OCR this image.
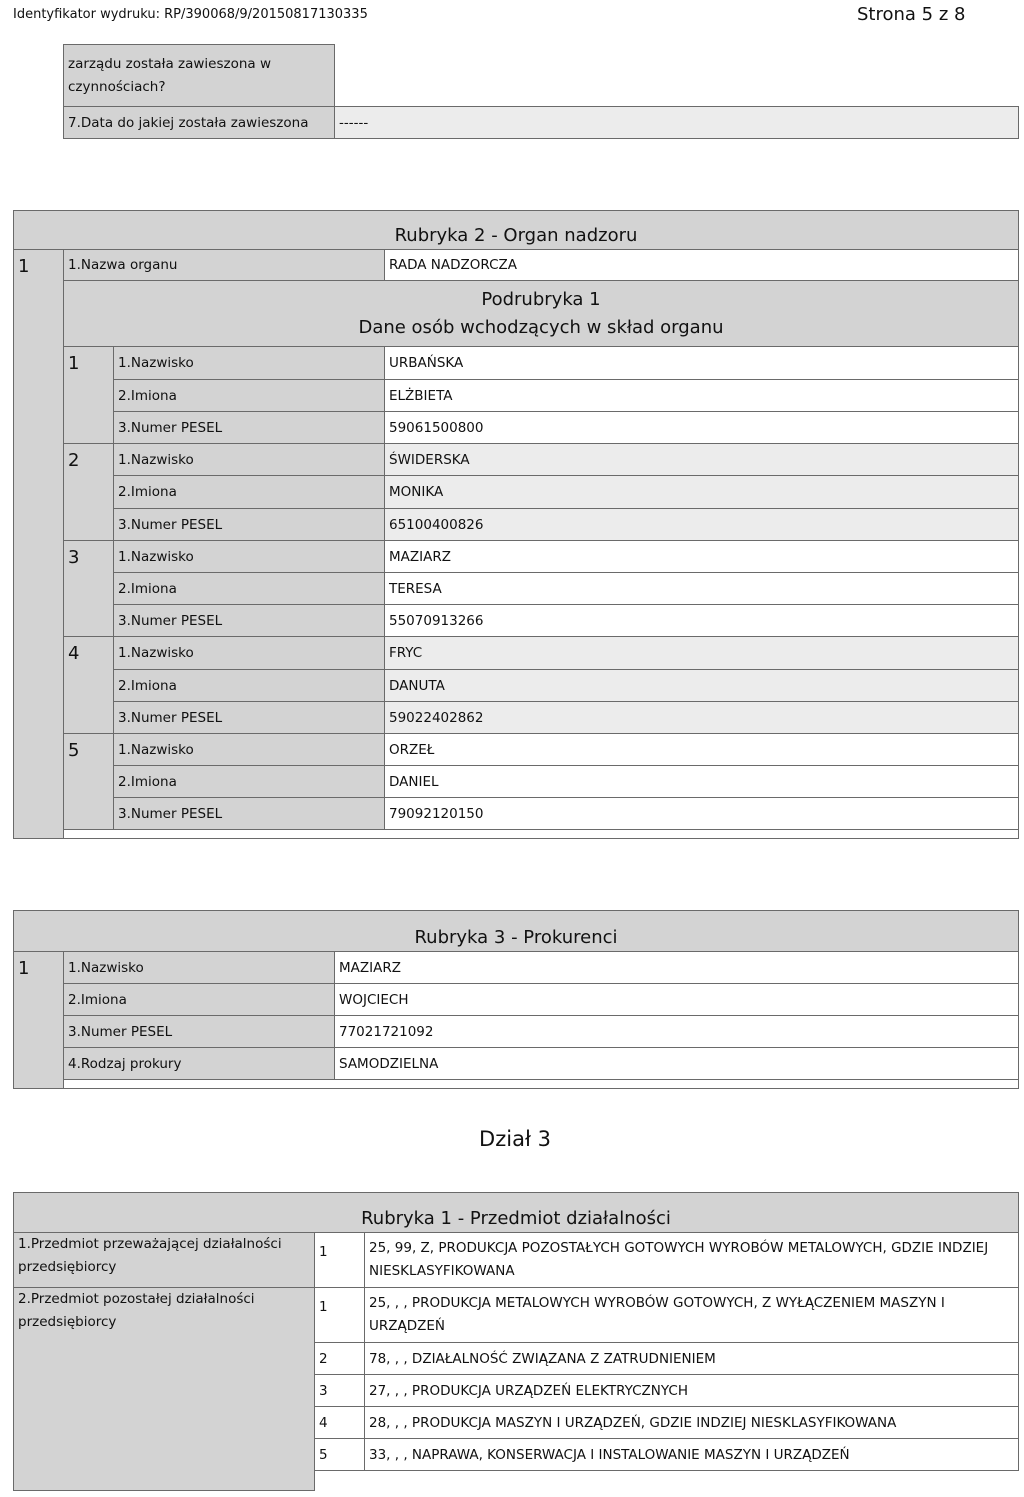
Identyfikator wydruku: RP/390068/9/20150817130335	Strona 5 z 8
zarządu została zawieszona w czynnościach?	
7.Data do jakiej została zawieszona	------
Rubryka 2 - Organ nadzoru			
1	1.Nazwa organu		RADA NADZORCZA

	Podrubryka 1
Dane osób wchodzących w skład organu		

	1	1.Nazwisko	URBAŃSKA
		2.Imiona	ELŻBIETA
		3.Numer PESEL	59061500800
	2	1.Nazwisko	ŚWIDERSKA
		2.Imiona	MONIKA
		3.Numer PESEL	65100400826
	3	1.Nazwisko	MAZIARZ
		2.Imiona	TERESA
		3.Numer PESEL	55070913266
	4	1.Nazwisko	FRYC
		2.Imiona	DANUTA
		3.Numer PESEL	59022402862
	5	1.Nazwisko	ORZEŁ
		2.Imiona	DANIEL
		3.Numer PESEL	79092120150

Rubryka 3 - Prokurenci		
1	1.Nazwisko	MAZIARZ
	2.Imiona	WOJCIECH
	3.Numer PESEL	77021721092
	4.Rodzaj prokury	SAMODZIELNA

Dział 3
Rubryka 1 - Przedmiot działalności		
1.Przedmiot przeważającej działalności przedsiębiorcy	1	25, 99, Z, PRODUKCJA POZOSTAŁYCH GOTOWYCH WYROBÓW METALOWYCH, GDZIE INDZIEJ NIESKLASYFIKOWANA
2.Przedmiot pozostałej działalności przedsiębiorcy	1	25, , , PRODUKCJA METALOWYCH WYROBÓW GOTOWYCH, Z WYŁĄCZENIEM MASZYN I URZĄDZEŃ
	2	78, , , DZIAŁALNOŚĆ ZWIĄZANA Z ZATRUDNIENIEM
	3	27, , , PRODUKCJA URZĄDZEŃ ELEKTRYCZNYCH
	4	28, , , PRODUKCJA MASZYN I URZĄDZEŃ, GDZIE INDZIEJ NIESKLASYFIKOWANA
	5	33, , , NAPRAWA, KONSERWACJA I INSTALOWANIE MASZYN I URZĄDZEŃ
